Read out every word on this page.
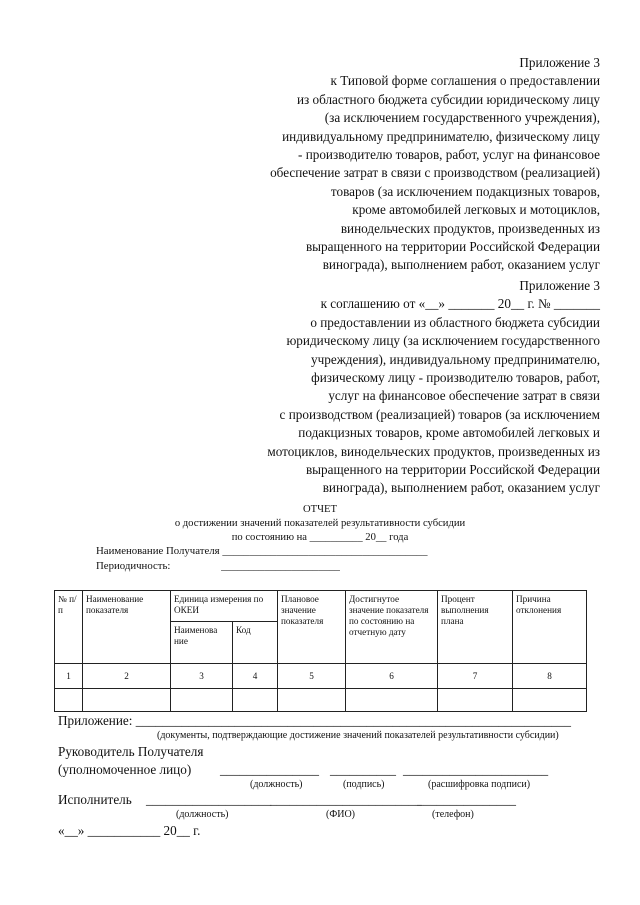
Приложение 3
к Типовой форме соглашения о предоставлении
из областного бюджета субсидии юридическому лицу
(за исключением государственного учреждения),
индивидуальному предпринимателю, физическому лицу
- производителю товаров, работ, услуг на финансовое
обеспечение затрат в связи с производством (реализацией)
товаров (за исключением подакцизных товаров,
кроме автомобилей легковых и мотоциклов,
винодельческих продуктов, произведенных из
выращенного на территории Российской Федерации
винограда), выполнением работ, оказанием услуг
Приложение 3
к соглашению от «__» _______ 20__ г. № _______
о предоставлении из областного бюджета субсидии
юридическому лицу (за исключением государственного
учреждения), индивидуальному предпринимателю,
физическому лицу - производителю товаров, работ,
услуг на финансовое обеспечение затрат в связи
с производством (реализацией) товаров (за исключением
подакцизных товаров, кроме автомобилей легковых и
мотоциклов, винодельческих продуктов, произведенных из
выращенного на территории Российской Федерации
винограда), выполнением работ, оказанием услуг
ОТЧЕТ
о достижении значений показателей результативности субсидии
по состоянию на __________ 20__ года
Наименование Получателя ______________________________________
Периодичность:	______________________
№ п/п	Наименование показателя	Единица измерения по ОКЕИ		Плановое значение показателя	Достигнутое значение показателя по состоянию на отчетную дату	Процент выполнения плана	Причина отклонения
		Наименова ние	Код				
1	2	3	4	5	6	7	8

Приложение: __________________________________________________________________
(документы, подтверждающие достижение значений показателей результативности субсидии)
Руководитель Получателя
(уполномоченное лицо) _______________ __________ ______________________
(должность)	(подпись)	(расшифровка подписи)
Исполнитель ___________________
_______________________
_______________
(должность)	(ФИО)	(телефон)
«__» ___________ 20__ г.
